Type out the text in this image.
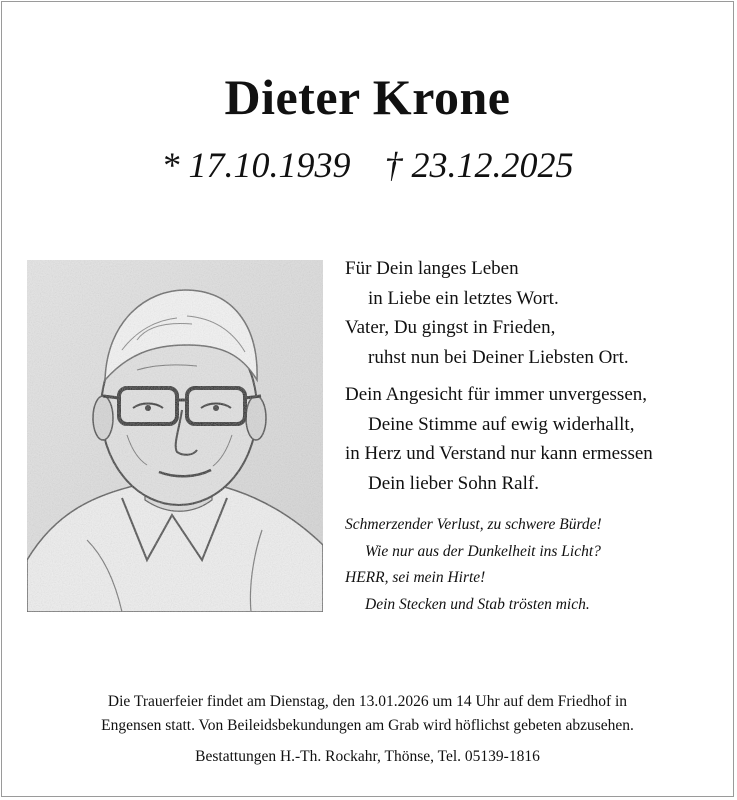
Dieter Krone
* 17.10.1939 † 23.12.2025
Für Dein langes Leben
in Liebe ein letztes Wort.
Vater, Du gingst in Frieden,
ruhst nun bei Deiner Liebsten Ort.
Dein Angesicht für immer unvergessen,
Deine Stimme auf ewig widerhallt,
in Herz und Verstand nur kann ermessen
Dein lieber Sohn Ralf.
Schmerzender Verlust, zu schwere Bürde!
Wie nur aus der Dunkelheit ins Licht?
HERR, sei mein Hirte!
Dein Stecken und Stab trösten mich.
Die Trauerfeier findet am Dienstag, den 13.01.2026 um 14 Uhr auf dem Friedhof in
Engensen statt. Von Beileidsbekundungen am Grab wird höflichst gebeten abzusehen.
Bestattungen H.-Th. Rockahr, Thönse, Tel. 05139-1816
